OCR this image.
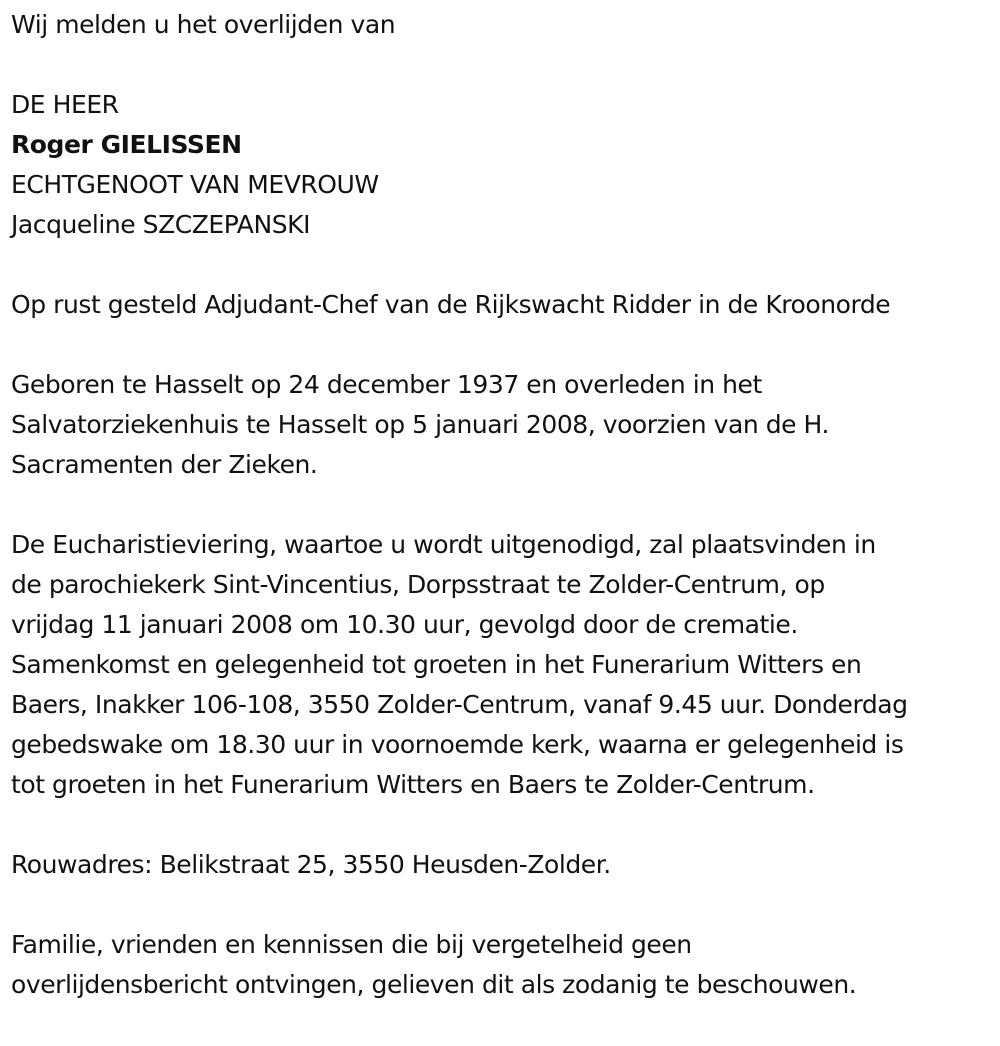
Wij melden u het overlijden van

DE HEER

Roger GIELISSEN

ECHTGENOOT VAN MEVROUW

Jacqueline SZCZEPANSKI

Op rust gesteld Adjudant-Chef van de Rijkswacht Ridder in de Kroonorde

Geboren te Hasselt op 24 december 1937 en overleden in het

Salvatorziekenhuis te Hasselt op 5 januari 2008, voorzien van de H.

Sacramenten der Zieken.

De Eucharistieviering, waartoe u wordt uitgenodigd, zal plaatsvinden in

de parochiekerk Sint-Vincentius, Dorpsstraat te Zolder-Centrum, op

vrijdag 11 januari 2008 om 10.30 uur, gevolgd door de crematie.

Samenkomst en gelegenheid tot groeten in het Funerarium Witters en

Baers, Inakker 106-108, 3550 Zolder-Centrum, vanaf 9.45 uur. Donderdag

gebedswake om 18.30 uur in voornoemde kerk, waarna er gelegenheid is

tot groeten in het Funerarium Witters en Baers te Zolder-Centrum.

Rouwadres: Belikstraat 25, 3550 Heusden-Zolder.

Familie, vrienden en kennissen die bij vergetelheid geen

overlijdensbericht ontvingen, gelieven dit als zodanig te beschouwen.
